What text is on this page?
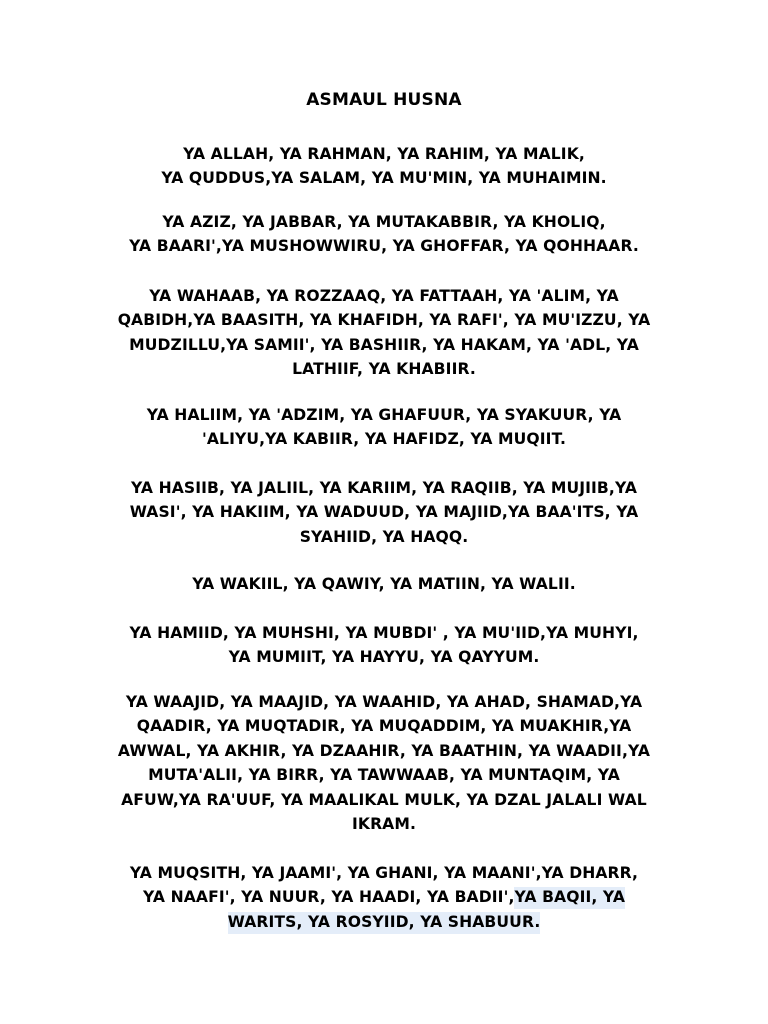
ASMAUL HUSNA
YA ALLAH, YA RAHMAN, YA RAHIM, YA MALIK,
YA QUDDUS,YA SALAM, YA MU'MIN, YA MUHAIMIN.
YA AZIZ, YA JABBAR, YA MUTAKABBIR, YA KHOLIQ,
YA BAARI',YA MUSHOWWIRU, YA GHOFFAR, YA QOHHAAR.
YA WAHAAB, YA ROZZAAQ, YA FATTAAH, YA 'ALIM, YA
QABIDH,YA BAASITH, YA KHAFIDH, YA RAFI', YA MU'IZZU, YA
MUDZILLU,YA SAMII', YA BASHIIR, YA HAKAM, YA 'ADL, YA
LATHIIF, YA KHABIIR.
YA HALIIM, YA 'ADZIM, YA GHAFUUR, YA SYAKUUR, YA
'ALIYU,YA KABIIR, YA HAFIDZ, YA MUQIIT.
YA HASIIB, YA JALIIL, YA KARIIM, YA RAQIIB, YA MUJIIB,YA
WASI', YA HAKIIM, YA WADUUD, YA MAJIID,YA BAA'ITS, YA
SYAHIID, YA HAQQ.
YA WAKIIL, YA QAWIY, YA MATIIN, YA WALII.
YA HAMIID, YA MUHSHI, YA MUBDI' , YA MU'IID,YA MUHYI,
YA MUMIIT, YA HAYYU, YA QAYYUM.
YA WAAJID, YA MAAJID, YA WAAHID, YA AHAD, SHAMAD,YA
QAADIR, YA MUQTADIR, YA MUQADDIM, YA MUAKHIR,YA
AWWAL, YA AKHIR, YA DZAAHIR, YA BAATHIN, YA WAADII,YA
MUTA'ALII, YA BIRR, YA TAWWAAB, YA MUNTAQIM, YA
AFUW,YA RA'UUF, YA MAALIKAL MULK, YA DZAL JALALI WAL
IKRAM.
YA MUQSITH, YA JAAMI', YA GHANI, YA MAANI',YA DHARR,
YA NAAFI', YA NUUR, YA HAADI, YA BADII',YA BAQII, YA
WARITS, YA ROSYIID, YA SHABUUR.
